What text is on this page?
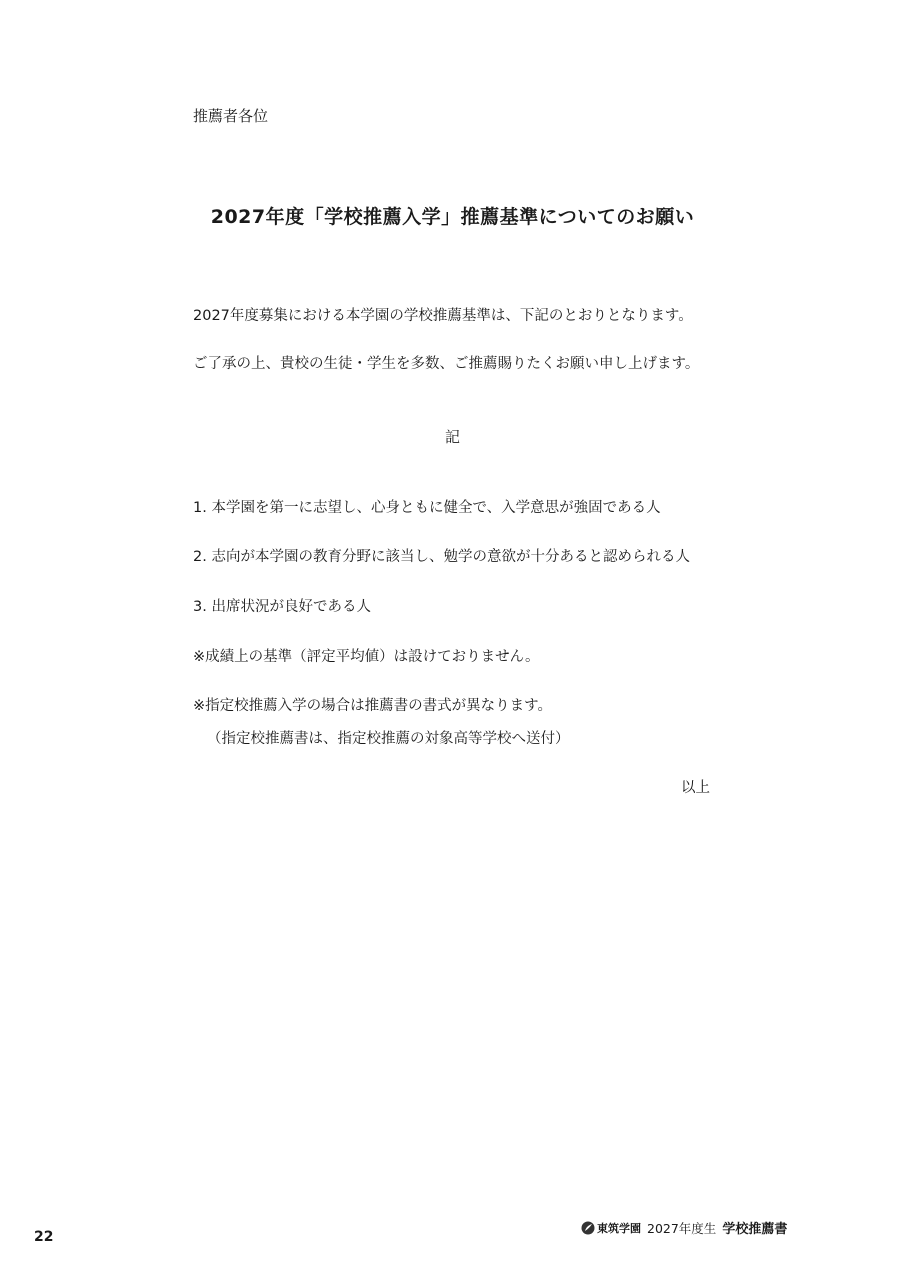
推薦者各位
2027年度「学校推薦入学」推薦基準についてのお願い
2027年度募集における本学園の学校推薦基準は、下記のとおりとなります。
ご了承の上、貴校の生徒・学生を多数、ご推薦賜りたくお願い申し上げます。
記
1. 本学園を第一に志望し、心身ともに健全で、入学意思が強固である人
2. 志向が本学園の教育分野に該当し、勉学の意欲が十分あると認められる人
3. 出席状況が良好である人
※成績上の基準（評定平均値）は設けておりません。
※指定校推薦入学の場合は推薦書の書式が異なります。
（指定校推薦書は、指定校推薦の対象高等学校へ送付）
以上
22
東筑学園 2027年度生 学校推薦書
